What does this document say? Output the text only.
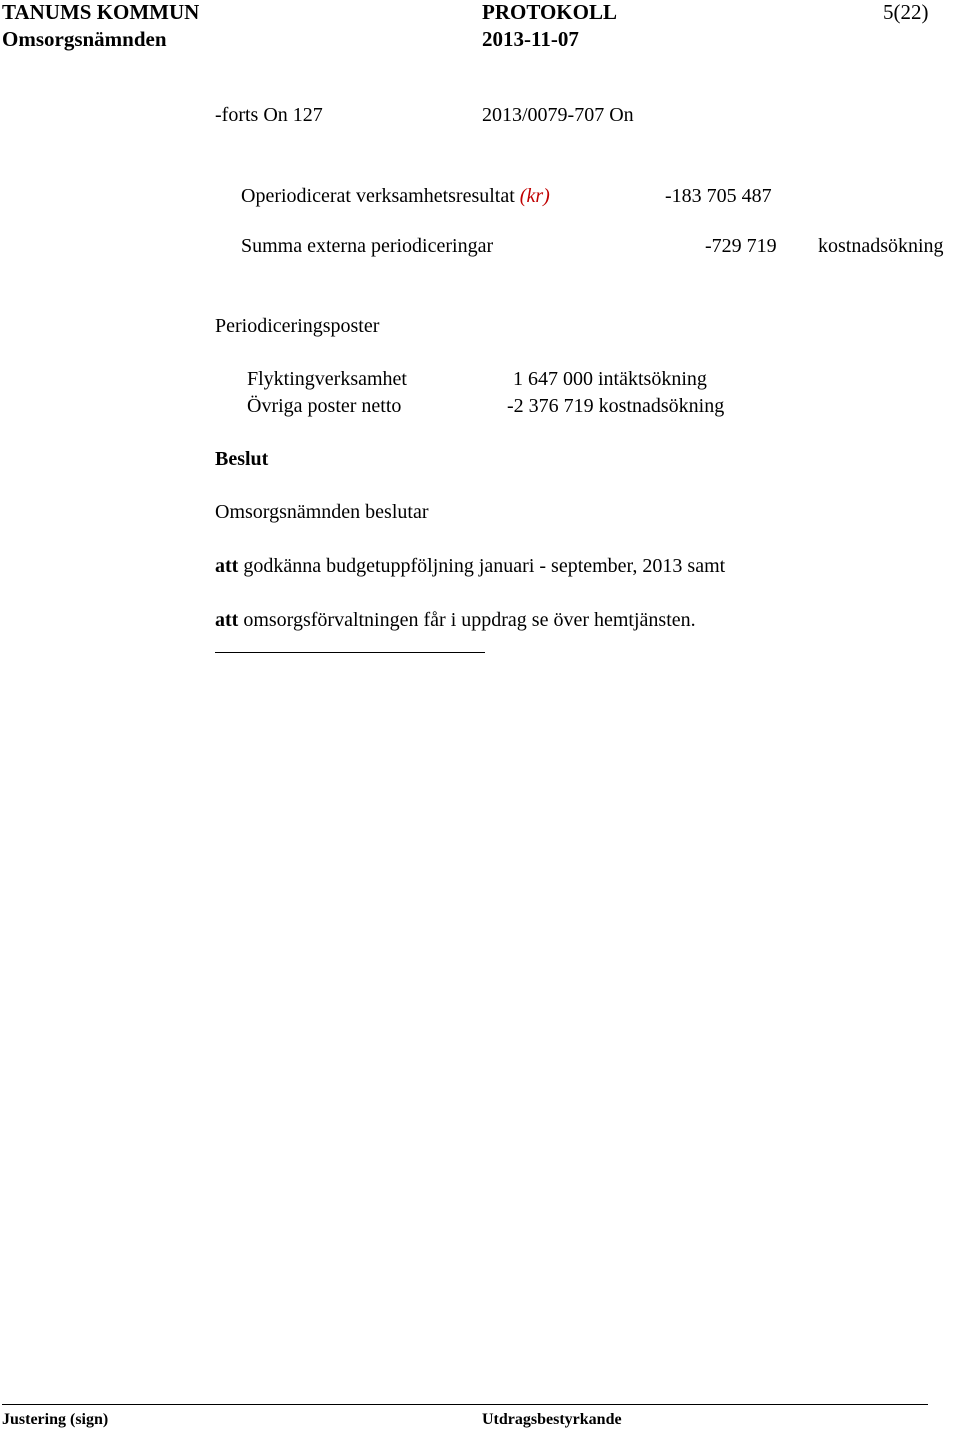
TANUMS KOMMUN	PROTOKOLL	5(22)
Omsorgsnämnden	2013-11-07
-forts On 127	2013/0079-707 On
Operiodicerat verksamhetsresultat (kr)	-183 705 487
Summa externa periodiceringar	-729 719 kostnadsökning
Periodiceringsposter
Flyktingverksamhet	1 647 000 intäktsökning
Övriga poster netto	-2 376 719 kostnadsökning
Beslut
Omsorgsnämnden beslutar
att godkänna budgetuppföljning januari - september, 2013 samt
att omsorgsförvaltningen får i uppdrag se över hemtjänsten.
Justering (sign)	Utdragsbestyrkande
